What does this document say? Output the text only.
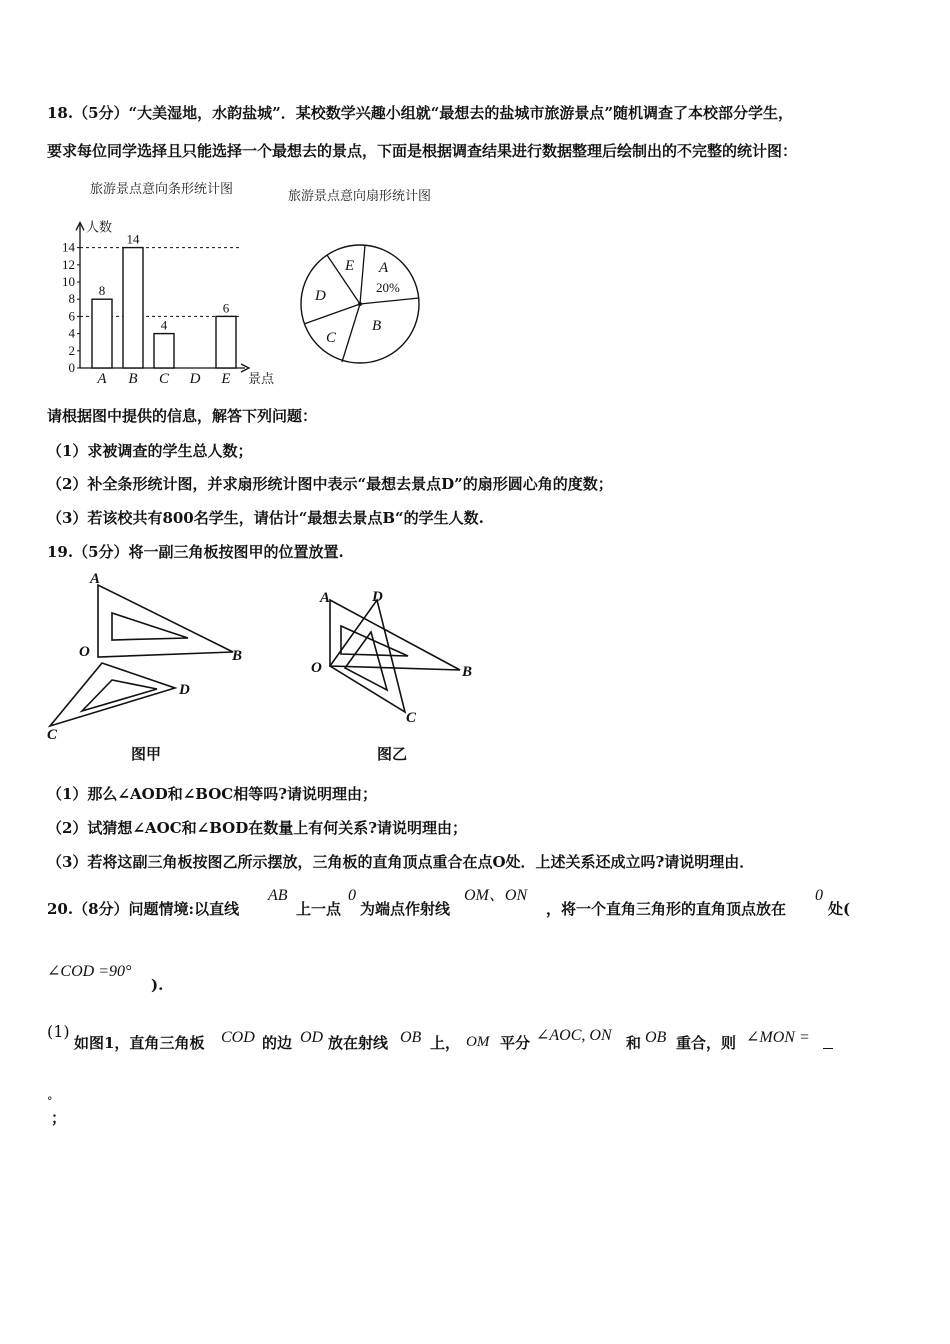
18.（5分）“大美湿地，水韵盐城”．某校数学兴趣小组就“最想去的盐城市旅游景点”随机调查了本校部分学生，
要求每位同学选择且只能选择一个最想去的景点，下面是根据调查结果进行数据整理后绘制出的不完整的统计图：
旅游景点意向条形统计图	旅游景点意向扇形统计图
人数
景点
0
2
4
6
8
10
12
14
8
A
14
B
4
C D
6
E
A
20%
B
C
D
E
请根据图中提供的信息，解答下列问题：
（1）求被调查的学生总人数；
（2）补全条形统计图，并求扇形统计图中表示“最想去景点D”的扇形圆心角的度数；
（3）若该校共有800名学生，请估计“最想去景点B“的学生人数.
19.（5分）将一副三角板按图甲的位置放置.
A
O	B
D
C
图甲
A	D
O	B
C
图乙
（1）那么∠AOD和∠BOC相等吗?请说明理由；
（2）试猜想∠AOC和∠BOD在数量上有何关系?请说明理由；
（3）若将这副三角板按图乙所示摆放，三角板的直角顶点重合在点O处．上述关系还成立吗?请说明理由．
20.（8分）问题情境:以直线
AB
上一点
0
为端点作射线
OM、ON
，将一个直角三角形的直角顶点放在
0
处(
∠COD =90°
).
(1)
如图1，直角三角板 COD 的边 OD 放在射线 OB 上， OM 平分 ∠AOC, ON 和 OB 重合，则 ∠MON =
°
；
